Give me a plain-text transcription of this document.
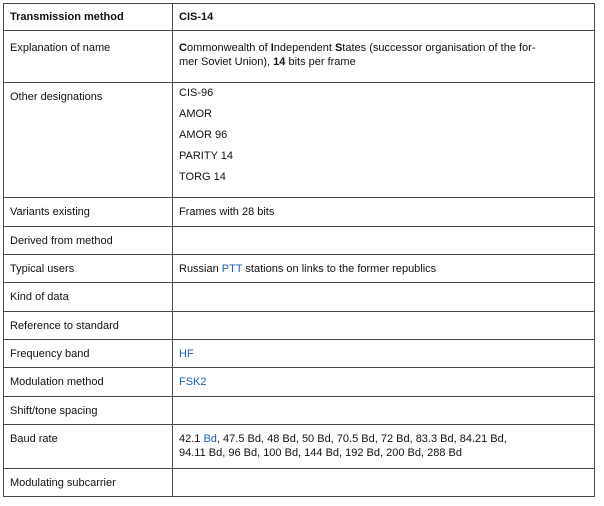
Transmission method	CIS-14
Explanation of name	Commonwealth of Independent States (successor organisation of the for-
mer Soviet Union), 14 bits per frame
Other designations	CIS-96
AMOR
AMOR 96
PARITY 14
TORG 14
Variants existing	Frames with 28 bits
Derived from method
Typical users	Russian PTT stations on links to the former republics
Kind of data
Reference to standard
Frequency band	HF
Modulation method	FSK2
Shift/tone spacing
Baud rate	42.1 Bd, 47.5 Bd, 48 Bd, 50 Bd, 70.5 Bd, 72 Bd, 83.3 Bd, 84.21 Bd,
94.11 Bd, 96 Bd, 100 Bd, 144 Bd, 192 Bd, 200 Bd, 288 Bd
Modulating subcarrier
